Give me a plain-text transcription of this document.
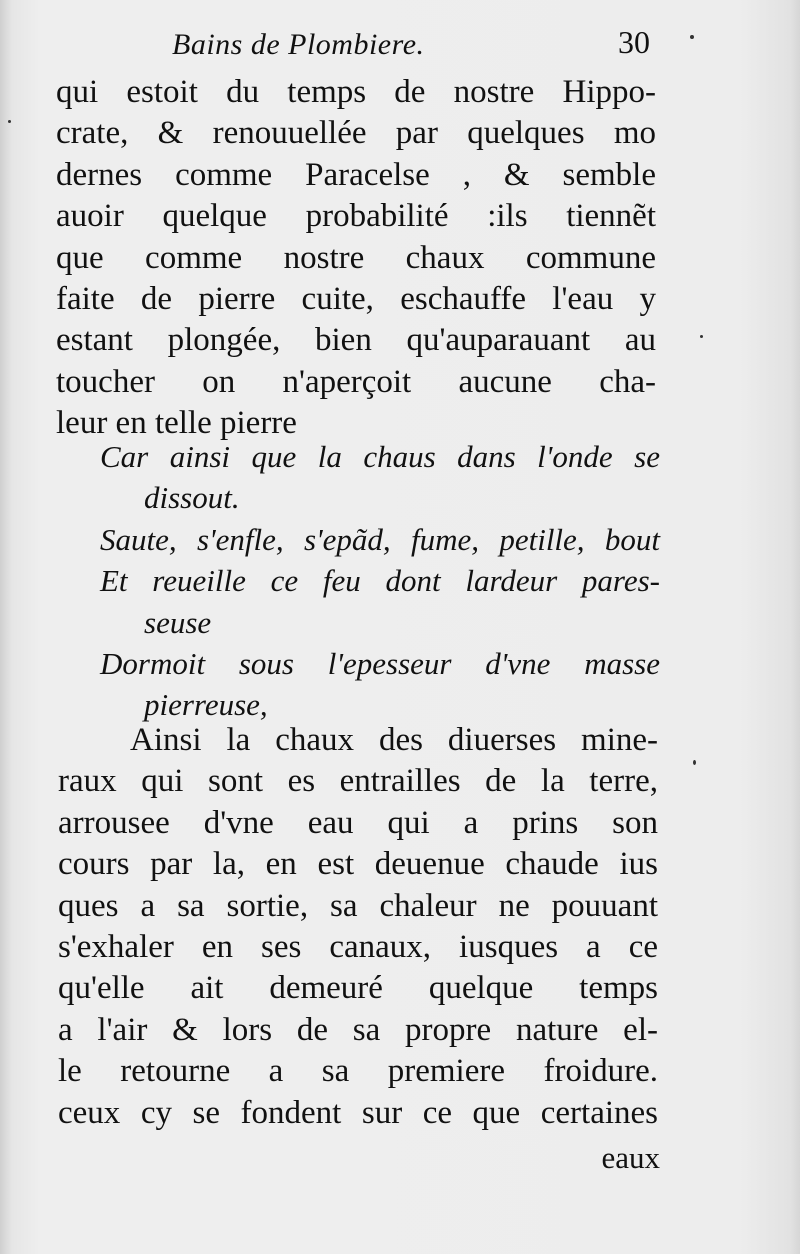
Bains de Plombiere.	30
qui estoit du temps de nostre Hippo-
crate, & renouuellée par quelques mo
dernes comme Paracelse , & semble
auoir quelque probabilité :ils tiennẽt
que comme nostre chaux commune
faite de pierre cuite, eschauffe l'eau y
estant plongée, bien qu'auparauant au
toucher on n'aperçoit aucune cha-
leur en telle pierre
Car ainsi que la chaus dans l'onde se
dissout.
Saute, s'enfle, s'epãd, fume, petille, bout
Et reueille ce feu dont lardeur pares-
seuse
Dormoit sous l'epesseur d'vne masse
pierreuse,
Ainsi la chaux des diuerses mine-
raux qui sont es entrailles de la terre,
arrousee d'vne eau qui a prins son
cours par la, en est deuenue chaude ius
ques a sa sortie, sa chaleur ne pouuant
s'exhaler en ses canaux, iusques a ce
qu'elle ait demeuré quelque temps
a l'air & lors de sa propre nature el-
le retourne a sa premiere froidure.
ceux cy se fondent sur ce que certaines
eaux
